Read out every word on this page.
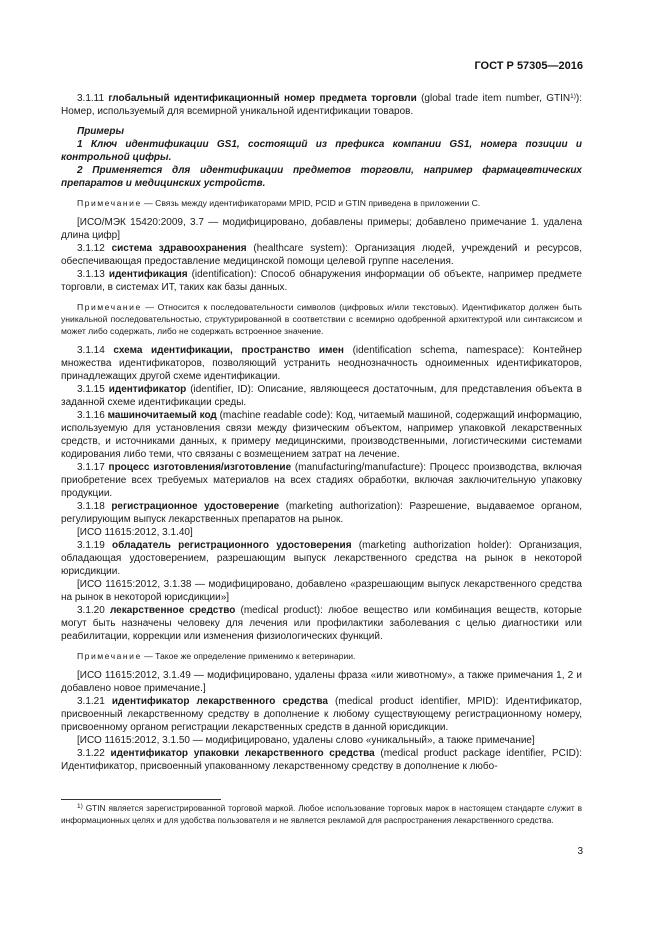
ГОСТ Р 57305—2016

3.1.11 глобальный идентификационный номер предмета торговли (global trade item number, GTIN$^{1)}$): Номер, используемый для всемирной уникальной идентификации товаров.

Примеры

1 Ключ идентификации GS1, состоящий из префикса компании GS1, номера позиции и контрольной цифры.

2 Применяется для идентификации предметов торговли, например фармацевтических препаратов и медицинских устройств.

Примечание — Связь между идентификаторами MPID, PCID и GTIN приведена в приложении С.

[ИСО/МЭК 15420:2009, 3.7 — модифицировано, добавлены примеры; добавлено примечание 1. удалена длина цифр]

3.1.12 система здравоохранения (healthcare system): Организация людей, учреждений и ресурсов, обеспечивающая предоставление медицинской помощи целевой группе населения.

3.1.13 идентификация (identification): Способ обнаружения информации об объекте, например предмете торговли, в системах ИТ, таких как базы данных.

Примечание — Относится к последовательности символов (цифровых и/или текстовых). Идентификатор должен быть уникальной последовательностью, структурированной в соответствии с всемирно одобренной архитектурой или синтаксисом и может либо содержать, либо не содержать встроенное значение.

3.1.14 схема идентификации, пространство имен (identification schema, namespace): Контейнер множества идентификаторов, позволяющий устранить неоднозначность одноименных идентификаторов, принадлежащих другой схеме идентификации.

3.1.15 идентификатор (identifier, ID): Описание, являющееся достаточным, для представления объекта в заданной схеме идентификации среды.

3.1.16 машиночитаемый код (machine readable code): Код, читаемый машиной, содержащий информацию, используемую для установления связи между физическим объектом, например упаковкой лекарственных средств, и источниками данных, к примеру медицинскими, производственными, логистическими системами кодирования либо теми, что связаны с возмещением затрат на лечение.

3.1.17 процесс изготовления/изготовление (manufacturing/manufacture): Процесс производства, включая приобретение всех требуемых материалов на всех стадиях обработки, включая заключительную упаковку продукции.

3.1.18 регистрационное удостоверение (marketing authorization): Разрешение, выдаваемое органом, регулирующим выпуск лекарственных препаратов на рынок.

[ИСО 11615:2012, 3.1.40]

3.1.19 обладатель регистрационного удостоверения (marketing authorization holder): Организация, обладающая удостоверением, разрешающим выпуск лекарственного средства на рынок в некоторой юрисдикции.

[ИСО 11615:2012, 3.1.38 — модифицировано, добавлено «разрешающим выпуск лекарственного средства на рынок в некоторой юрисдикции»]

3.1.20 лекарственное средство (medical product): любое вещество или комбинация веществ, которые могут быть назначены человеку для лечения или профилактики заболевания с целью диагностики или реабилитации, коррекции или изменения физиологических функций.

Примечание — Такое же определение применимо к ветеринарии.

[ИСО 11615:2012, 3.1.49 — модифицировано, удалены фраза «или животному», а также примечания 1, 2 и добавлено новое примечание.]

3.1.21 идентификатор лекарственного средства (medical product identifier, MPID): Идентификатор, присвоенный лекарственному средству в дополнение к любому существующему регистрационному номеру, присвоенному органом регистрации лекарственных средств в данной юрисдикции.

[ИСО 11615:2012, 3.1.50 — модифицировано, удалены слово «уникальный», а также примечание]

3.1.22 идентификатор упаковки лекарственного средства (medical product package identifier, PCID): Идентификатор, присвоенный упакованному лекарственному средству в дополнение к любо-

$^{1)}$ GTIN является зарегистрированной торговой маркой. Любое использование торговых марок в настоящем стандарте служит в информационных целях и для удобства пользователя и не является рекламой для распространения лекарственного средства.
3
